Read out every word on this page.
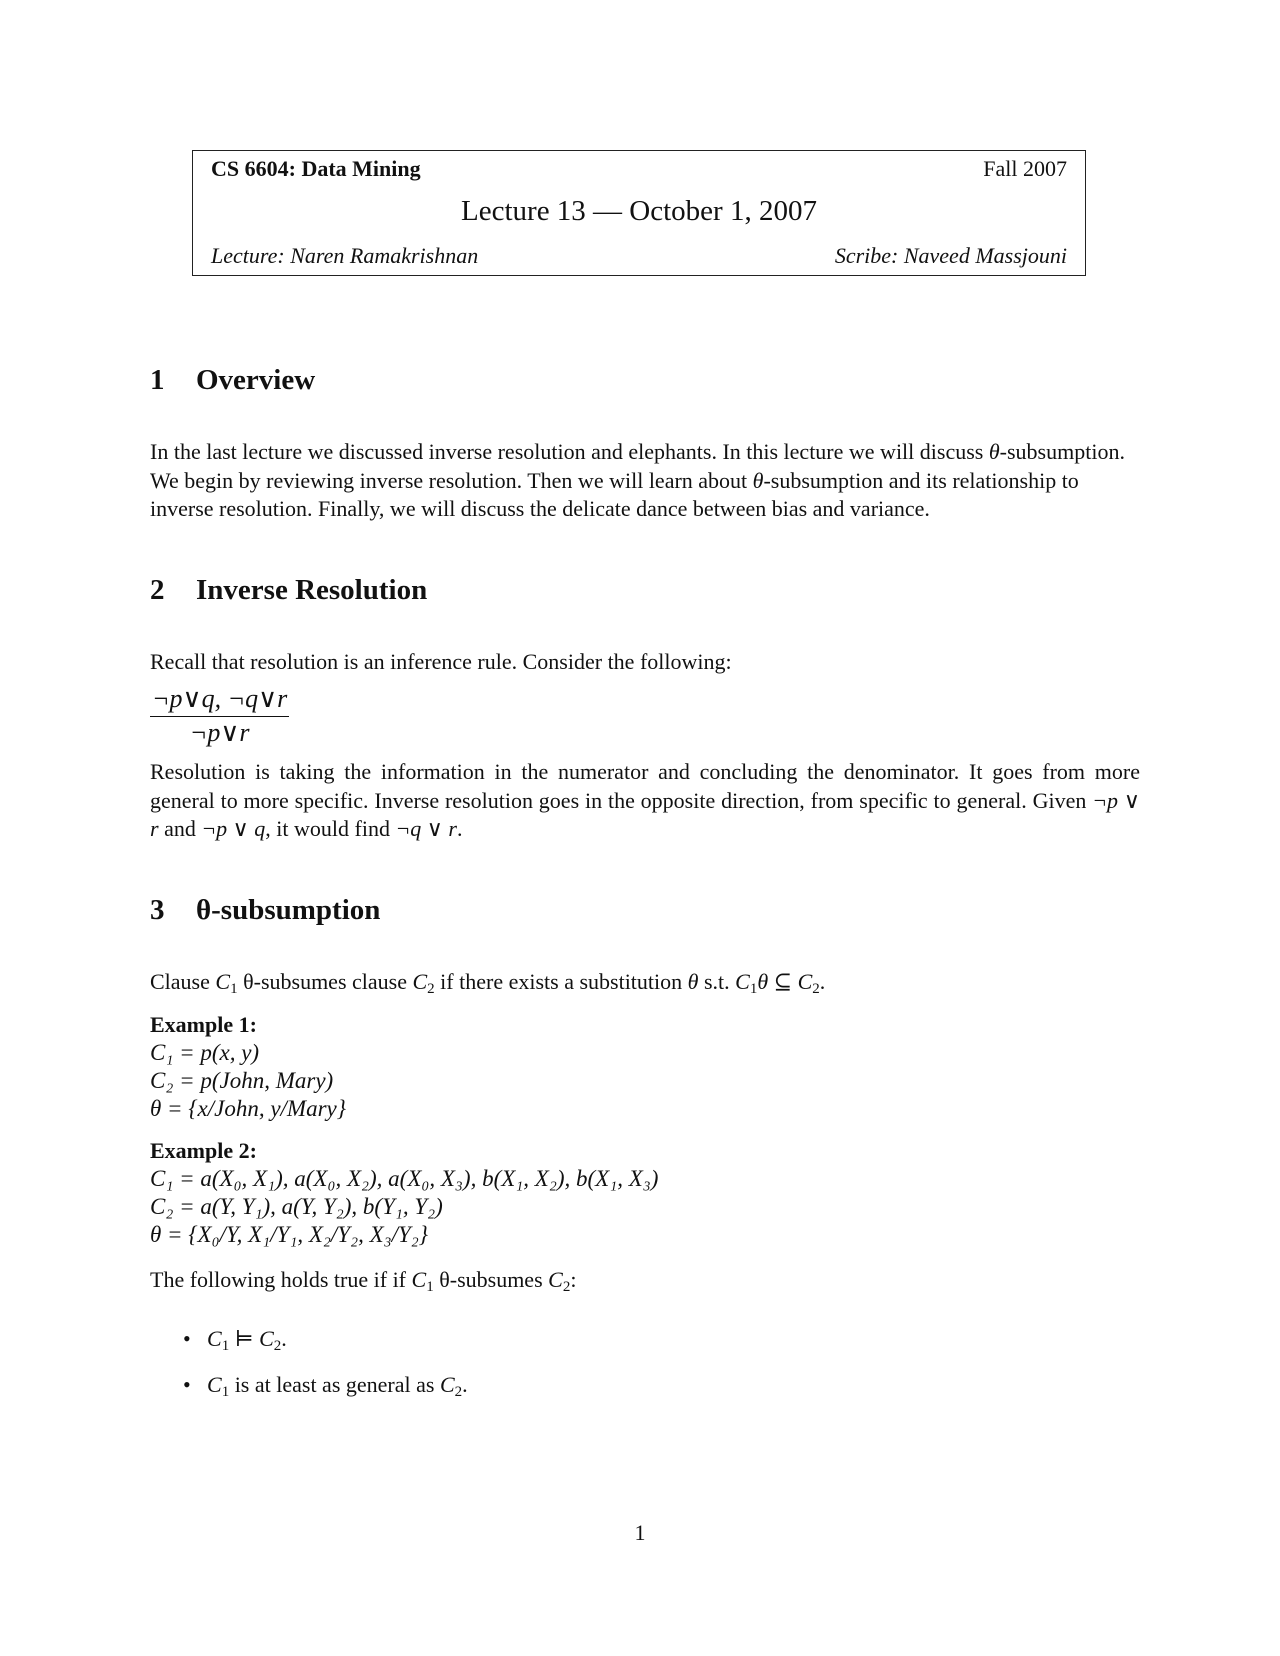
CS 6604: Data Mining	Fall 2007
Lecture 13 — October 1, 2007
Lecture: Naren Ramakrishnan	Scribe: Naveed Massjouni
1 Overview
In the last lecture we discussed inverse resolution and elephants. In this lecture we will discuss θ-subsumption.
We begin by reviewing inverse resolution. Then we will learn about θ-subsumption and its relationship to
inverse resolution. Finally, we will discuss the delicate dance between bias and variance.
2 Inverse Resolution
Recall that resolution is an inference rule. Consider the following:
$\frac{\neg p\vee q, \neg q\vee r}{\neg p\vee r}$
Resolution is taking the information in the numerator and concluding the denominator. It goes from more general to more specific. Inverse resolution goes in the opposite direction, from specific to general. Given ¬p ∨ r and ¬p ∨ q, it would find ¬q ∨ r.
3 θ-subsumption
Clause $C_1$ θ-subsumes clause $C_2$ if there exists a substitution θ s.t. $C_1\theta$ ⊆ $C_2$.
Example 1:
C₁ = p(x, y)
C₂ = p(John, Mary)
θ = {x/John, y/Mary}
Example 2:
C₁ = a(X₀, X₁), a(X₀, X₂), a(X₀, X₃), b(X₁, X₂), b(X₁, X₃)
C₂ = a(Y, Y₁), a(Y, Y₂), b(Y₁, Y₂)
θ = {X₀/Y, X₁/Y₁, X₂/Y₂, X₃/Y₂}
The following holds true if if $C_1$ θ-subsumes $C_2$:
• $C_1$ ⊨ $C_2$.
• $C_1$ is at least as general as $C_2$.
1
